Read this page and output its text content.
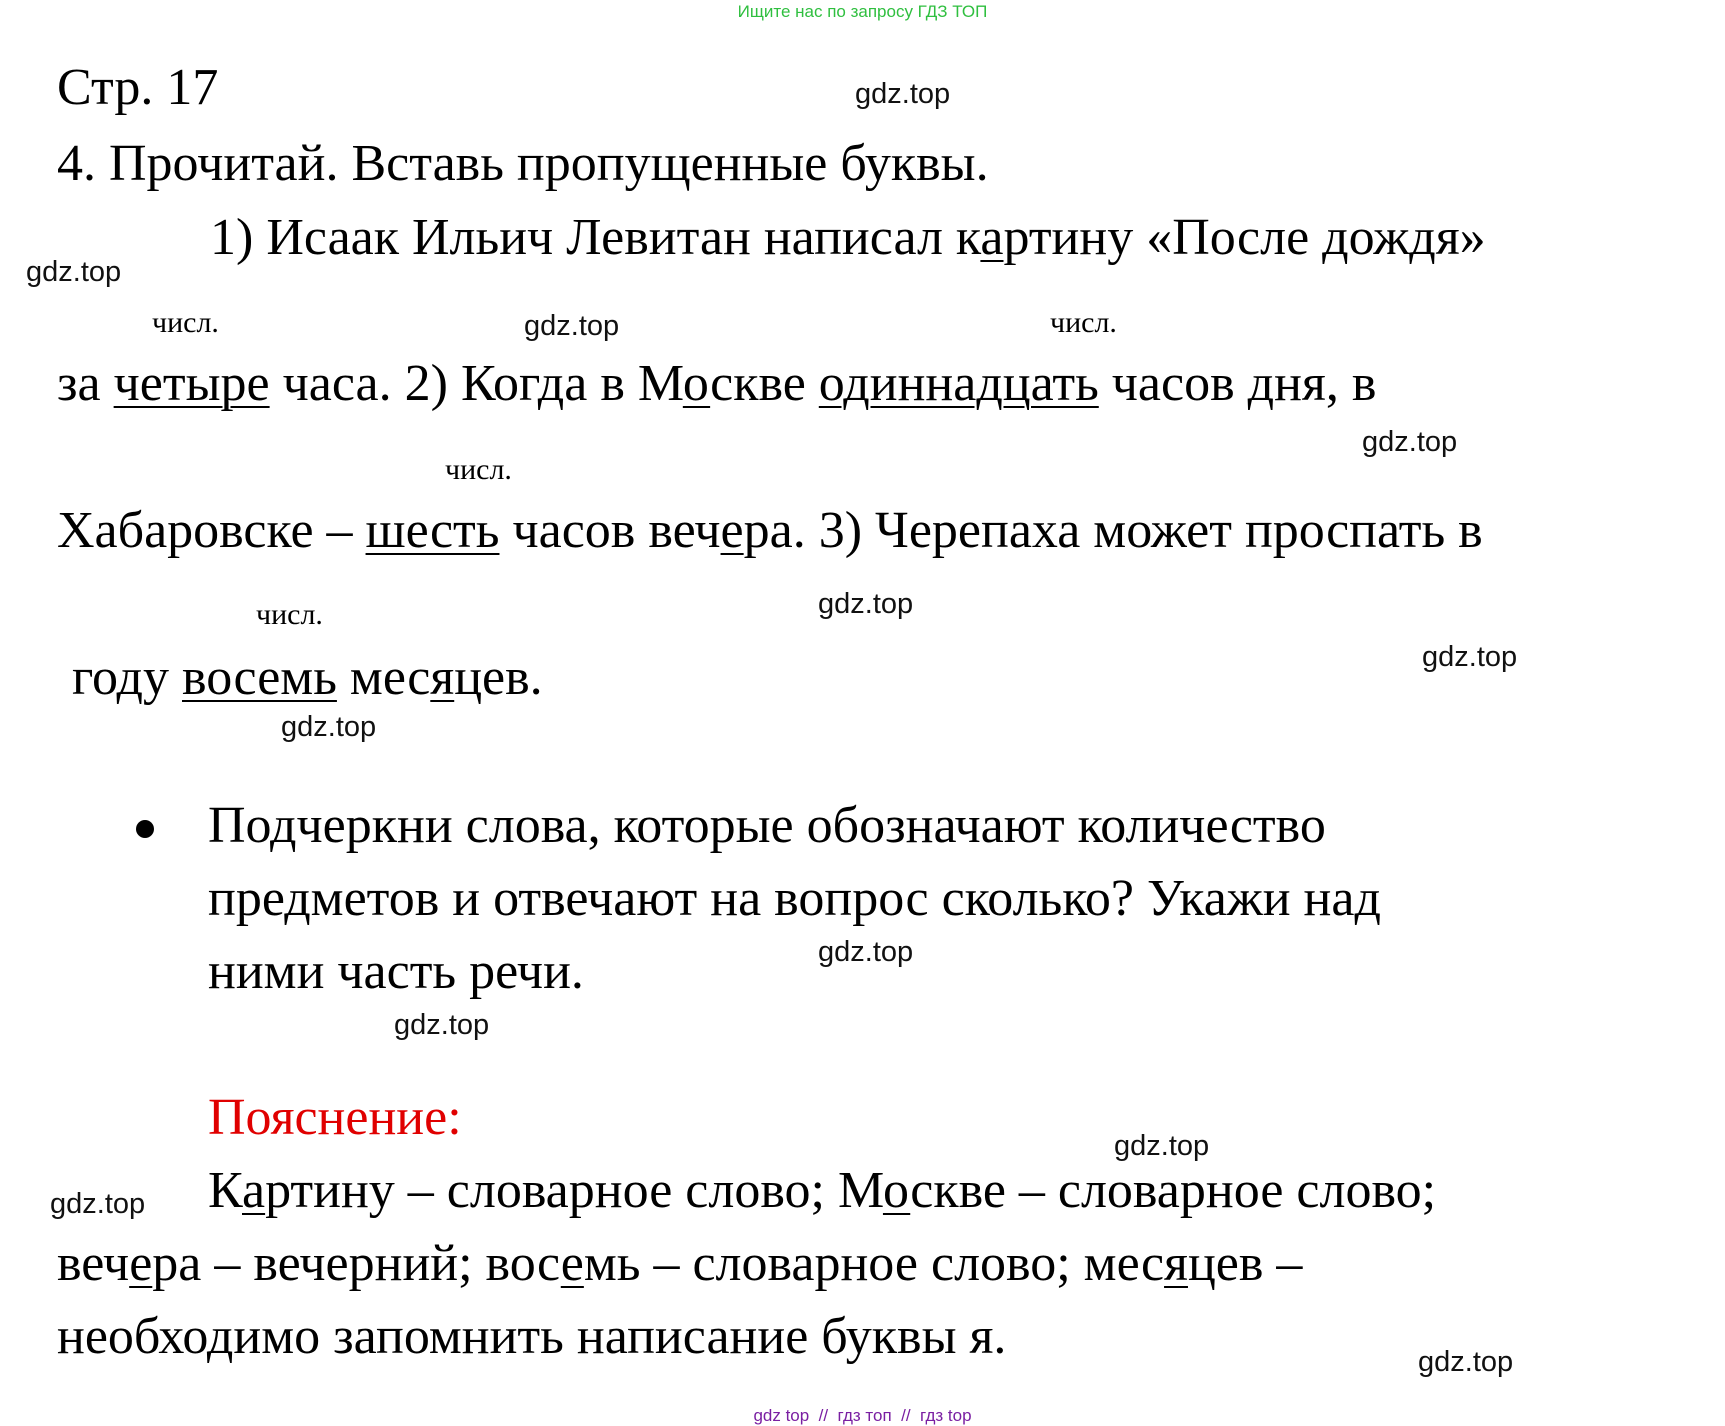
Ищите нас по запросу ГДЗ ТОП
Стр. 17
4. Прочитай. Вставь пропущенные буквы.
1) Исаак Ильич Левитан написал картину «После дождя»
числ.	числ.
за четыре часа. 2) Когда в Москве одиннадцать часов дня, в
числ.
Хабаровске – шесть часов вечера. 3) Черепаха может проспать в
числ.
году восемь месяцев.
Подчеркни слова, которые обозначают количество
предметов и отвечают на вопрос сколько? Укажи над
ними часть речи.
Пояснение:
Картину – словарное слово; Москве – словарное слово;
вечера – вечерний; восемь – словарное слово; месяцев –
необходимо запомнить написание буквы я.
gdz.top
gdz.top
gdz.top
gdz.top
gdz.top
gdz.top
gdz.top
gdz.top
gdz.top
gdz.top
gdz.top
gdz.top
gdz top  //  гдз топ  //  гдз top
